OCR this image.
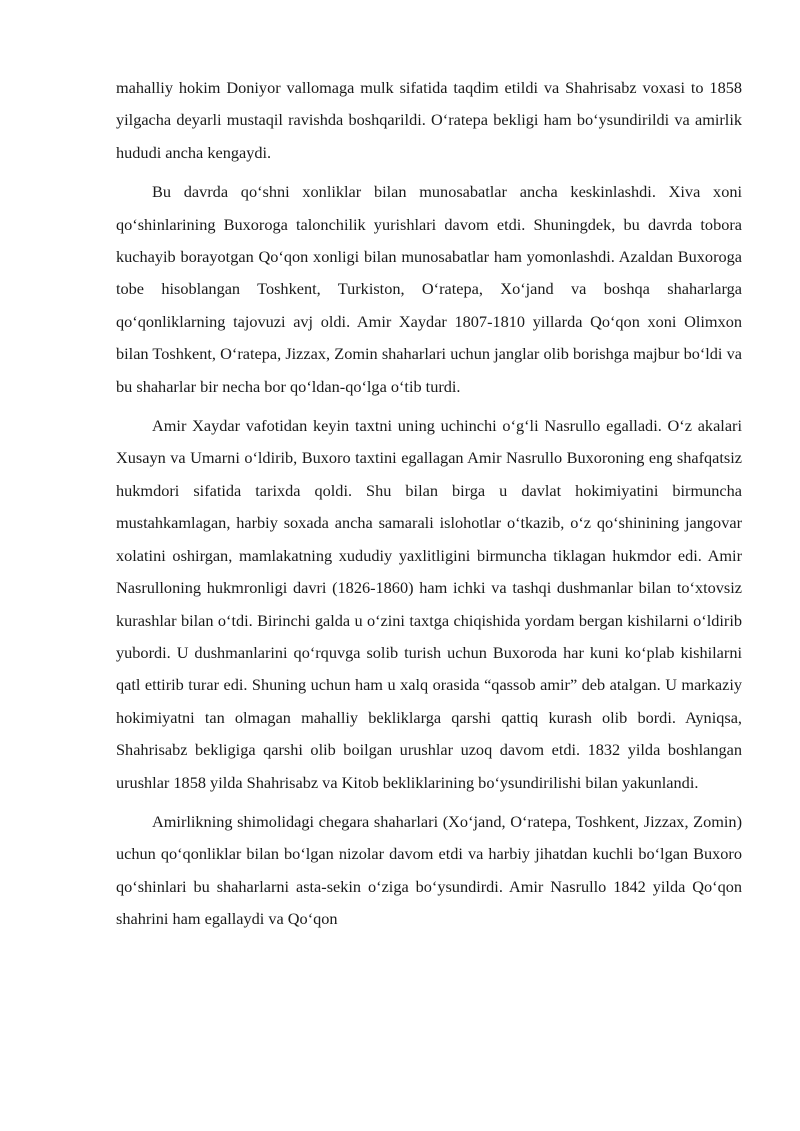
mahalliy hokim Doniyor vallomaga mulk sifatida taqdim etildi va Shahrisabz voxasi to 1858 yilgacha deyarli mustaqil ravishda boshqarildi. O‘ratepa bekligi ham bo‘ysundirildi va amirlik hududi ancha kengaydi.

Bu davrda qo‘shni xonliklar bilan munosabatlar ancha keskinlashdi. Xiva xoni qo‘shinlarining Buxoroga talonchilik yurishlari davom etdi. Shuningdek, bu davrda tobora kuchayib borayotgan Qo‘qon xonligi bilan munosabatlar ham yomonlashdi. Azaldan Buxoroga tobe hisoblangan Toshkent, Turkiston, O‘ratepa, Xo‘jand va boshqa shaharlarga qo‘qonliklarning tajovuzi avj oldi. Amir Xaydar 1807-1810 yillarda Qo‘qon xoni Olimxon bilan Toshkent, O‘ratepa, Jizzax, Zomin shaharlari uchun janglar olib borishga majbur bo‘ldi va bu shaharlar bir necha bor qo‘ldan-qo‘lga o‘tib turdi.

Amir Xaydar vafotidan keyin taxtni uning uchinchi o‘g‘li Nasrullo egalladi. O‘z akalari Xusayn va Umarni o‘ldirib, Buxoro taxtini egallagan Amir Nasrullo Buxoroning eng shafqatsiz hukmdori sifatida tarixda qoldi. Shu bilan birga u davlat hokimiyatini birmuncha mustahkamlagan, harbiy soxada ancha samarali islohotlar o‘tkazib, o‘z qo‘shinining jangovar xolatini oshirgan, mamlakatning xududiy yaxlitligini birmuncha tiklagan hukmdor edi. Amir Nasrulloning hukmronligi davri (1826-1860) ham ichki va tashqi dushmanlar bilan to‘xtovsiz kurashlar bilan o‘tdi. Birinchi galda u o‘zini taxtga chiqishida yordam bergan kishilarni o‘ldirib yubordi. U dushmanlarini qo‘rquvga solib turish uchun Buxoroda har kuni ko‘plab kishilarni qatl ettirib turar edi. Shuning uchun ham u xalq orasida “qassob amir” deb atalgan. U markaziy hokimiyatni tan olmagan mahalliy bekliklarga qarshi qattiq kurash olib bordi. Ayniqsa, Shahrisabz bekligiga qarshi olib boilgan urushlar uzoq davom etdi. 1832 yilda boshlangan urushlar 1858 yilda Shahrisabz va Kitob bekliklarining bo‘ysundirilishi bilan yakunlandi.

Amirlikning shimolidagi chegara shaharlari (Xo‘jand, O‘ratepa, Toshkent, Jizzax, Zomin) uchun qo‘qonliklar bilan bo‘lgan nizolar davom etdi va harbiy jihatdan kuchli bo‘lgan Buxoro qo‘shinlari bu shaharlarni asta-sekin o‘ziga bo‘ysundirdi. Amir Nasrullo 1842 yilda Qo‘qon shahrini ham egallaydi va Qo‘qon
